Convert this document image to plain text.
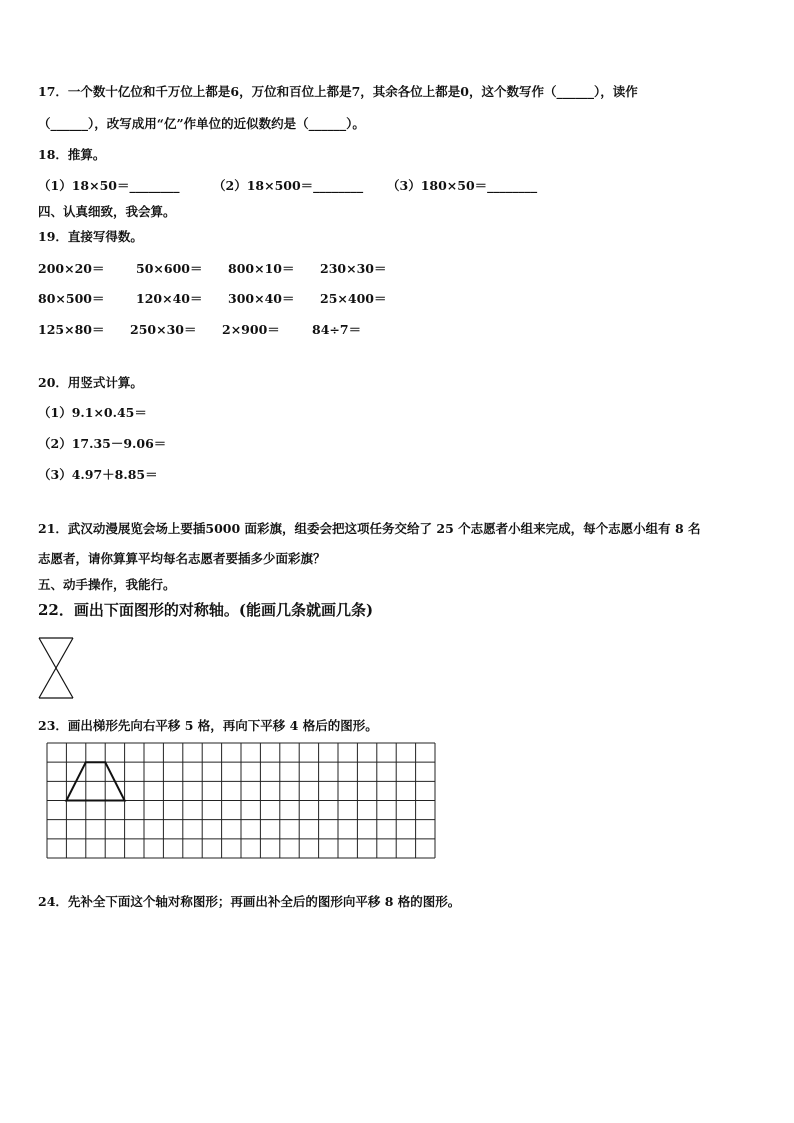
17．一个数十亿位和千万位上都是6，万位和百位上都是7，其余各位上都是0，这个数写作（______），读作
（______），改写成用“亿”作单位的近似数约是（______）。
18．推算。
（1）18×50＝________	（2）18×500＝________ （3）180×50＝________
四、认真细致，我会算。
19．直接写得数。
200×20＝	50×600＝ 800×10＝ 230×30＝
80×500＝	120×40＝ 300×40＝ 25×400＝
125×80＝ 250×30＝ 2×900＝	84÷7＝
20．用竖式计算。
（1）9.1×0.45＝
（2）17.35－9.06＝
（3）4.97＋8.85＝
21．武汉动漫展览会场上要插5000 面彩旗，组委会把这项任务交给了 25 个志愿者小组来完成，每个志愿小组有 8 名
志愿者，请你算算平均每名志愿者要插多少面彩旗？
五、动手操作，我能行。
22．画出下面图形的对称轴。(能画几条就画几条)
23．画出梯形先向右平移 5 格，再向下平移 4 格后的图形。
24．先补全下面这个轴对称图形；再画出补全后的图形向平移 8 格的图形。
